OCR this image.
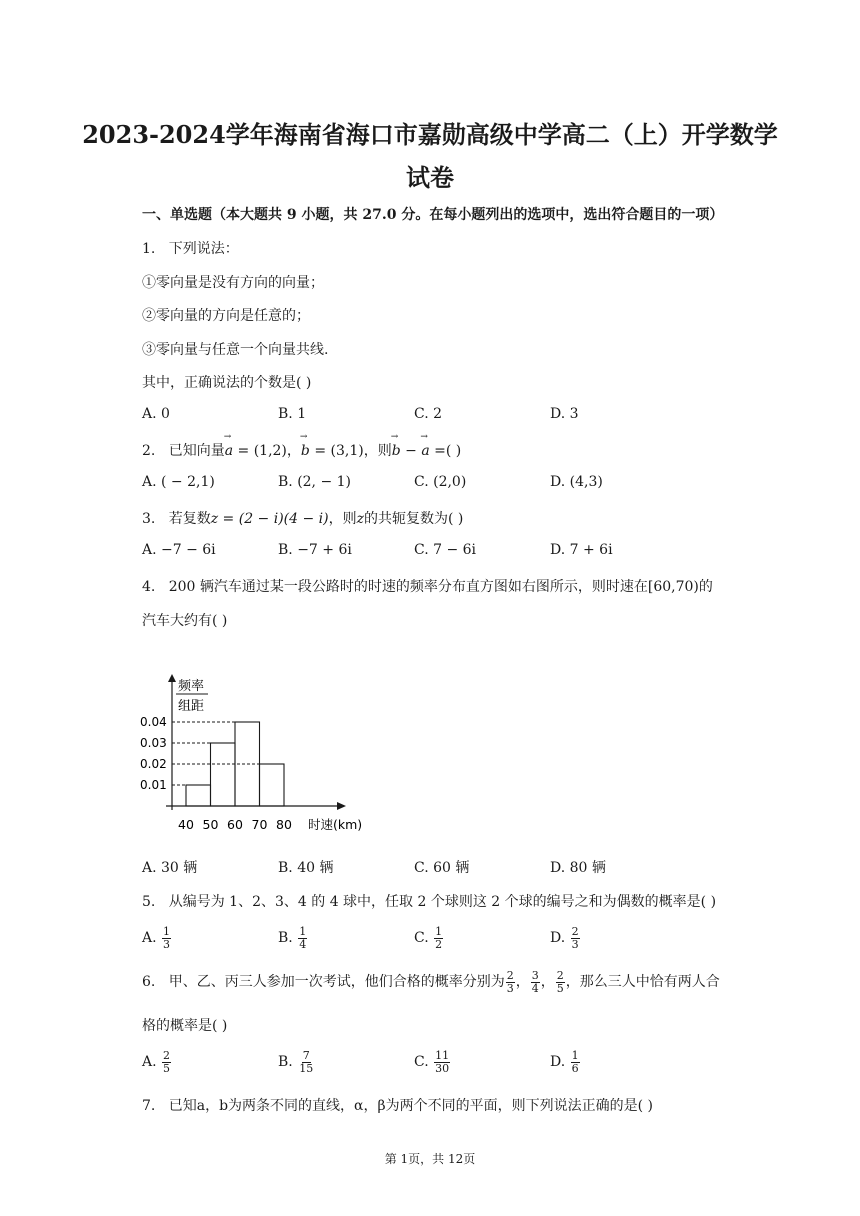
2023-2024学年海南省海口市嘉勋高级中学高二（上）开学数学
试卷
一、单选题（本大题共 9 小题，共 27.0 分。在每小题列出的选项中，选出符合题目的一项）
1. 下列说法：
①零向量是没有方向的向量；
②零向量的方向是任意的；
③零向量与任意一个向量共线.
其中，正确说法的个数是( )
A. 0	B. 1	C. 2	D. 3
2. 已知向量→ a = (1,2)，→ b = (3,1)，则→ b − → a =( )
A. ( − 2,1)	B. (2, − 1)	C. (2,0)	D. (4,3)
3. 若复数z = (2 − i)(4 − i)，则z的共轭复数为( )
A. −7 − 6i	B. −7 + 6i	C. 7 − 6i	D. 7 + 6i
4. 200 辆汽车通过某一段公路时的时速的频率分布直方图如右图所示，则时速在[60,70)的
汽车大约有( )
频率
组距
时速(km)
0.01
0.02
0.03
0.04
40 50 60 70 80
A. 30 辆	B. 40 辆	C. 60 辆	D. 80 辆
5. 从编号为 1、2、3、4 的 4 球中，任取 2 个球则这 2 个球的编号之和为偶数的概率是( )
A. $\frac{1}{3}$	B. $\frac{1}{4}$	C. $\frac{1}{2}$	D. $\frac{2}{3}$
6. 甲、乙、丙三人参加一次考试，他们合格的概率分别为 $\frac{2}{3}$ ， $\frac{3}{4}$ ， $\frac{2}{5}$ ，那么三人中恰有两人合
格的概率是( )
A. $\frac{2}{5}$	B. $\frac{7}{15}$	C. $\frac{11}{30}$	D. $\frac{1}{6}$
7. 已知a，b为两条不同的直线，α，β为两个不同的平面，则下列说法正确的是( )
第 1页，共 12页
